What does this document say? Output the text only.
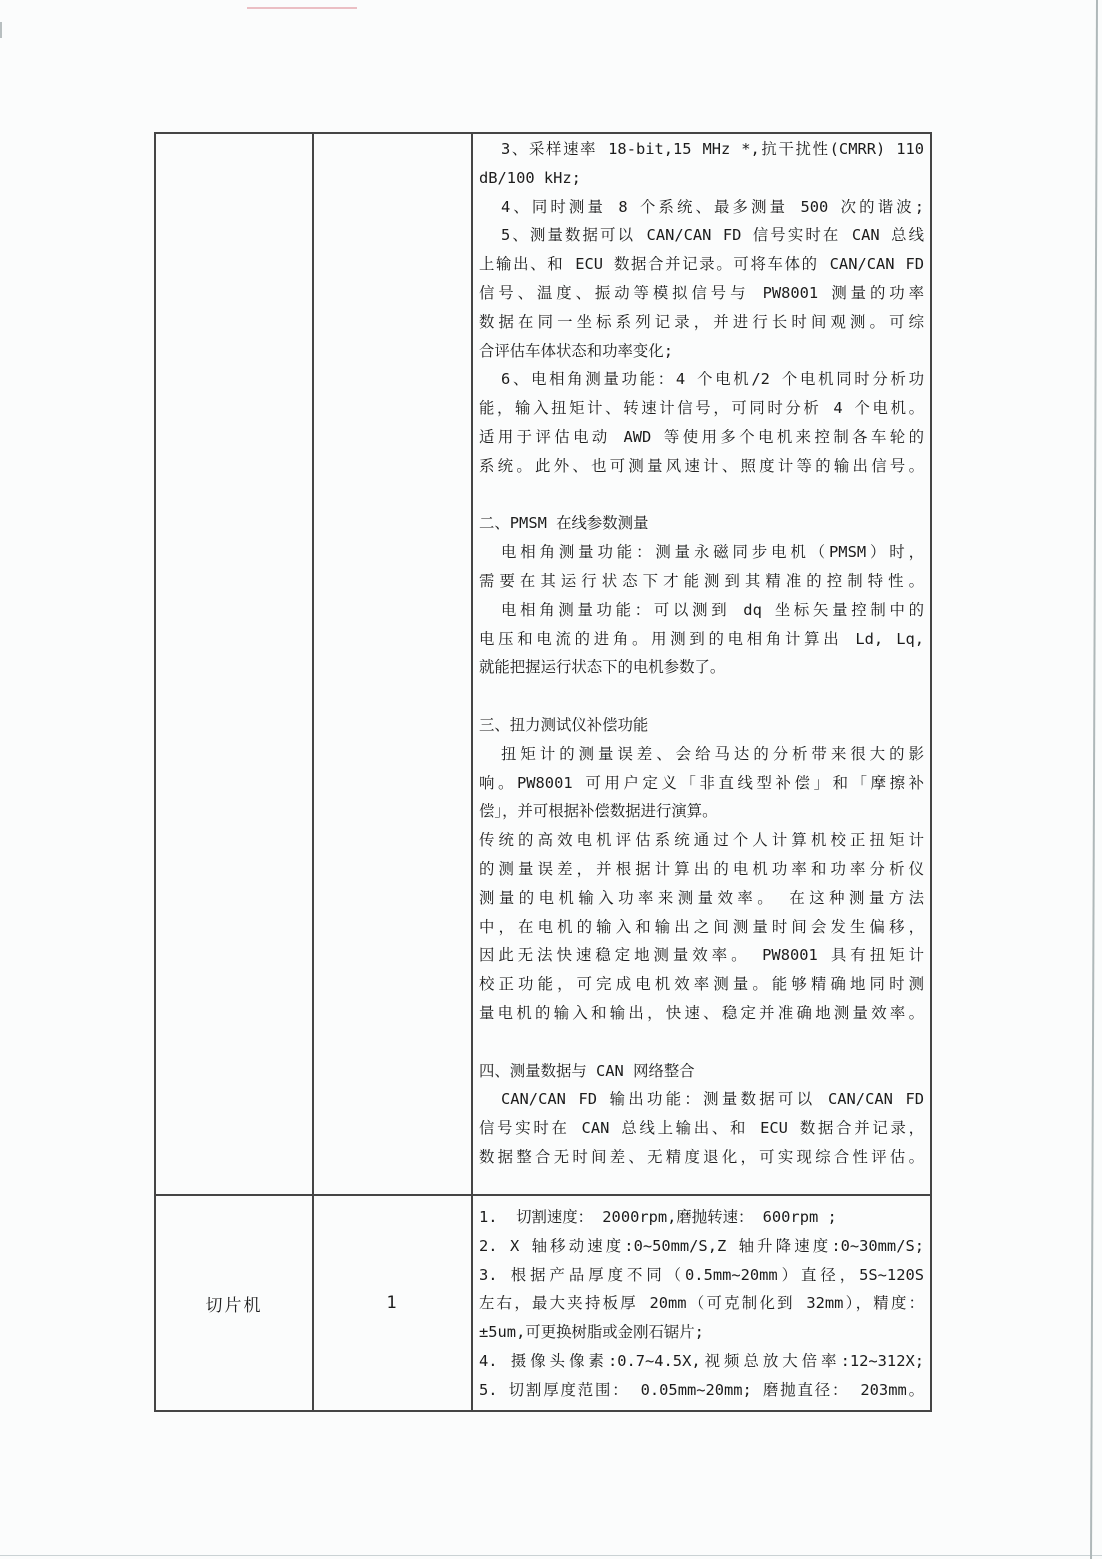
3、采样速率 18-bit,15 MHz *,抗干扰性(CMRR) 110
dB/100 kHz;
4、同时测量 8 个系统、最多测量 500 次的谐波;
5、测量数据可以 CAN/CAN FD 信号实时在 CAN 总线
上输出、和 ECU 数据合并记录。可将车体的 CAN/CAN FD
信号、温度、振动等模拟信号与 PW8001 测量的功率
数据在同一坐标系列记录，并进行长时间观测。可综
合评估车体状态和功率变化;
6、电相角测量功能：4 个电机/2 个电机同时分析功
能，输入扭矩计、转速计信号，可同时分析 4 个电机。
适用于评估电动 AWD 等使用多个电机来控制各车轮的
系统。此外、也可测量风速计、照度计等的输出信号。
二、PMSM 在线参数测量
电相角测量功能：测量永磁同步电机（PMSM）时，
需要在其运行状态下才能测到其精准的控制特性。
电相角测量功能：可以测到 dq 坐标矢量控制中的
电压和电流的进角。用测到的电相角计算出 Ld, Lq,
就能把握运行状态下的电机参数了。
三、扭力测试仪补偿功能
扭矩计的测量误差、会给马达的分析带来很大的影
响。PW8001 可用户定义「非直线型补偿」和「摩擦补
偿」，并可根据补偿数据进行演算。
传统的高效电机评估系统通过个人计算机校正扭矩计
的测量误差，并根据计算出的电机功率和功率分析仪
测量的电机输入功率来测量效率。　在这种测量方法
中，在电机的输入和输出之间测量时间会发生偏移，
因此无法快速稳定地测量效率。　PW8001 具有扭矩计
校正功能，可完成电机效率测量。能够精确地同时测
量电机的输入和输出，快速、稳定并准确地测量效率。
四、测量数据与 CAN 网络整合
CAN/CAN FD 输出功能：测量数据可以 CAN/CAN FD
信号实时在 CAN 总线上输出、和 ECU 数据合并记录，
数据整合无时间差、无精度退化，可实现综合性评估。
切片机	1
1.  切割速度： 2000rpm,磨抛转速： 600rpm ;
2. X 轴移动速度:0~50mm/S,Z 轴升降速度:0~30mm/S;
3. 根据产品厚度不同（0.5mm~20mm）直径，5S~120S
左右，最大夹持板厚 20mm（可克制化到 32mm），精度：
±5um,可更换树脂或金刚石锯片;
4. 摄像头像素:0.7~4.5X,视频总放大倍率:12~312X;
5. 切割厚度范围： 0.05mm~20mm; 磨抛直径： 203mm。
